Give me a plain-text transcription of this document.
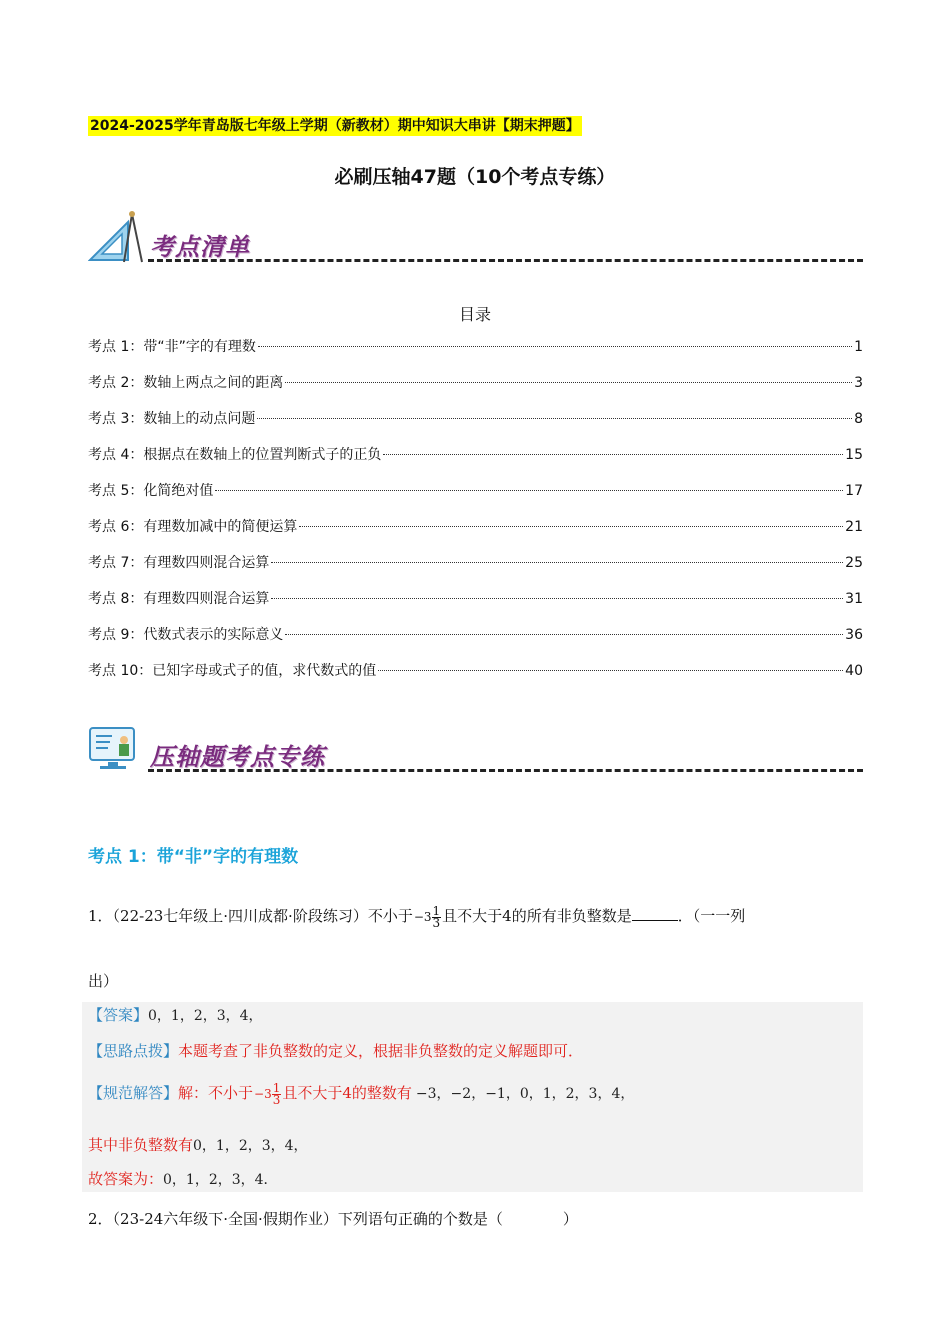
2024-2025学年青岛版七年级上学期（新教材）期中知识大串讲【期末押题】
必刷压轴47题（10个考点专练）
考点清单
目录
考点 1：带“非”字的有理数	1
考点 2：数轴上两点之间的距离	3
考点 3：数轴上的动点问题	8
考点 4：根据点在数轴上的位置判断式子的正负	15
考点 5：化简绝对值	17
考点 6：有理数加减中的简便运算	21
考点 7：有理数四则混合运算	25
考点 8：有理数四则混合运算	31
考点 9：代数式表示的实际意义	36
考点 10：已知字母或式子的值，求代数式的值	40
压轴题考点专练
考点 1：带“非”字的有理数
1．（22-23七年级上·四川成都·阶段练习）不小于 $-3 \frac{1}{3}$ 且不大于4的所有非负整数是	．（一一列
出）
【答案】0，1，2，3，4，
【思路点拨】本题考查了非负整数的定义，根据非负整数的定义解题即可．
【规范解答】解：不小于 $-3 \frac{1}{3}$ 且不大于4的整数有 −3，−2，−1，0，1，2，3，4，
其中非负整数有0，1，2，3，4，
故答案为：0，1，2，3，4．
2．（23-24六年级下·全国·假期作业）下列语句正确的个数是（　　　　）
